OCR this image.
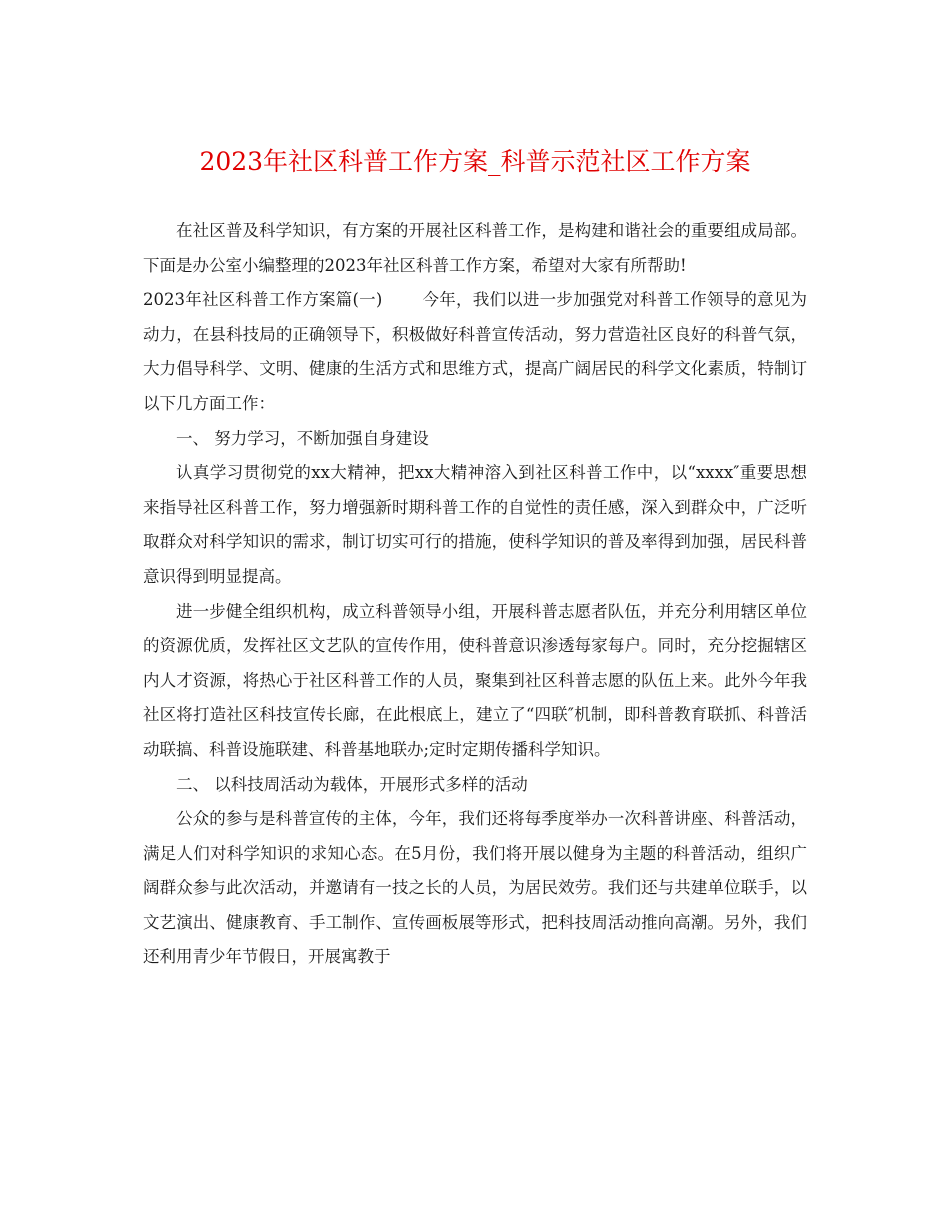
2023年社区科普工作方案_科普示范社区工作方案

在社区普及科学知识，有方案的开展社区科普工作，是构建和谐社会的重要组成局部。下面是办公室小编整理的2023年社区科普工作方案，希望对大家有所帮助!

2023年社区科普工作方案篇(一) 今年，我们以进一步加强党对科普工作领导的意见为动力，在县科技局的正确领导下，积极做好科普宣传活动，努力营造社区良好的科普气氛，大力倡导科学、文明、健康的生活方式和思维方式，提高广阔居民的科学文化素质，特制订以下几方面工作：

一、 努力学习，不断加强自身建设

认真学习贯彻党的xx大精神，把xx大精神溶入到社区科普工作中，以“xxxx″重要思想来指导社区科普工作，努力增强新时期科普工作的自觉性的责任感，深入到群众中，广泛听取群众对科学知识的需求，制订切实可行的措施，使科学知识的普及率得到加强，居民科普意识得到明显提高。

进一步健全组织机构，成立科普领导小组，开展科普志愿者队伍，并充分利用辖区单位的资源优质，发挥社区文艺队的宣传作用，使科普意识渗透每家每户。同时，充分挖掘辖区内人才资源，将热心于社区科普工作的人员，聚集到社区科普志愿的队伍上来。此外今年我社区将打造社区科技宣传长廊，在此根底上，建立了“四联″机制，即科普教育联抓、科普活动联搞、科普设施联建、科普基地联办;定时定期传播科学知识。

二、 以科技周活动为载体，开展形式多样的活动

公众的参与是科普宣传的主体，今年，我们还将每季度举办一次科普讲座、科普活动，满足人们对科学知识的求知心态。在5月份，我们将开展以健身为主题的科普活动，组织广阔群众参与此次活动，并邀请有一技之长的人员，为居民效劳。我们还与共建单位联手，以文艺演出、健康教育、手工制作、宣传画板展等形式，把科技周活动推向高潮。另外，我们还利用青少年节假日，开展寓教于
